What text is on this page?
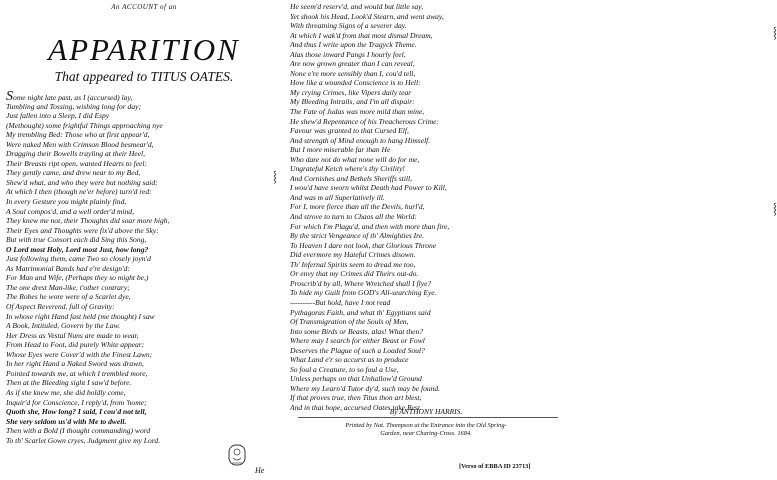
An ACCOUNT of an
APPARITION
That appeared to TITUS OATES.
Some night late past, as I (accursed) lay,
Tumbling and Tossing, wishing long for day;
Just fallen into a Sleep, I did Espy
(Methought) some frightful Things approaching nye
My trembling Bed: Those who at first appear'd,
Were naked Men with Crimson Blood besmear'd,
Dragging their Bowells trayling at their Heel,
Their Breasts ript open, wanted Hearts to feel:
They gently came, and drew near to my Bed,
Shew'd what, and who they were but nothing said;
At which I then (though ne'er before) turn'd red:
In every Gesture you might plainly find,
A Soul compos'd, and a well order'd mind,
They knew me not, their Thoughts did soar more high,
Their Eyes and Thoughts were fix'd above the Sky:
But with true Consort each did Sing this Song,
O Lord most Holy, Lord most Just, how long?
Just following them, came Two so closely joyn'd
As Matrimonial Bands had e're design'd:
For Man and Wife, (Perhaps they so might be,)
The one drest Man-like, t'other contrary;
The Robes he wore were of a Scarlet dye,
Of Aspect Reverend, full of Gravity:
In whose right Hand fast held (me thought) I saw
A Book, Intituled, Govern by the Law.
Her Dress as Vestal Nuns are made to wear,
From Head to Foot, did purely White appear;
Whose Eyes were Cover'd with the Finest Lawn;
In her right Hand a Naked Sword was drawn,
Pointed towards me, at which I trembled more,
Then at the Bleeding sight I saw'd before.
As if she knew me, she did boldly come,
Inquir'd for Conscience, I reply'd, from 'home;
Quoth she, How long? I said, I cou'd not tell,
She very seldom us'd with Me to dwell.
Then with a Bold (I thought commanding) word
To th' Scarlet Gown cryes, Judgment give my Lord.
⸾
He
He seem'd reserv'd, and would but little say,
Yet shook his Head, Look'd Stearn, and went away,
With threatning Signs of a severer day.
At which I wak'd from that most dismal Dream,
And thus I write upon the Tragyck Theme.
Alas those inward Pangs I hourly feel,
Are now grown greater than I can reveal,
None e're more sensibly than I, cou'd tell,
How like a wounded Conscience is to Hell:
My crying Crimes, like Vipers daily tear
My Bleeding Intrails, and I'm all dispair:
The Fate of Judas was more mild than mine,
He shew'd Repentance of his Treacherous Crime:
Favour was granted to that Cursed Elf,
And strength of Mind enough to hang Himself.
But I more miserable far than He
Who dare not do what none will do for me,
Ungrateful Ketch where's thy Civility!
And Cornishes and Bethels Sheriffs still,
I wou'd have sworn whilst Death had Power to Kill,
And was m all Superlatively ill.
For I, more fierce than all the Devils, hurl'd,
And strove to turn to Chaos all the World:
For which I'm Plagu'd, and then with more than fire,
By the strict Vengeance of th' Almighties Ire.
To Heaven I dare not look, that Glorious Throne
Did evermore my Hateful Crimes disown.
Th' Infernal Spirits seem to dread me too,
Or envy that my Crimes did Theirs out-do.
Proscrib'd by all, Where Wretched shall I flye?
To hide my Guilt from GOD's All-searching Eye.
----------But hold, have I not read
Pythagoras Faith, and what th' Egyptians said
Of Transmigration of the Souls of Men,
Into some Birds or Beasts, alas! What then?
Where may I search for either Beast or Fowl
Deserves the Plague of such a Loaded Soul?
What Land e'r so accurst as to produce
So foul a Creature, to so foul a Use,
Unless perhaps on that Unhallow'd Ground
Where my Learn'd Tutor dy'd, such may be found.
If that proves true, then Titus thon art blest,
And in that hope, accursed Oates take Rest.
⸾
⸾
By ANTHONY HARRIS.
Printed by Nat. Thompson at the Entrance into the Old Spring-
Garden, near Charing-Cross. 1684.
[Verso of EBBA ID 23713]
